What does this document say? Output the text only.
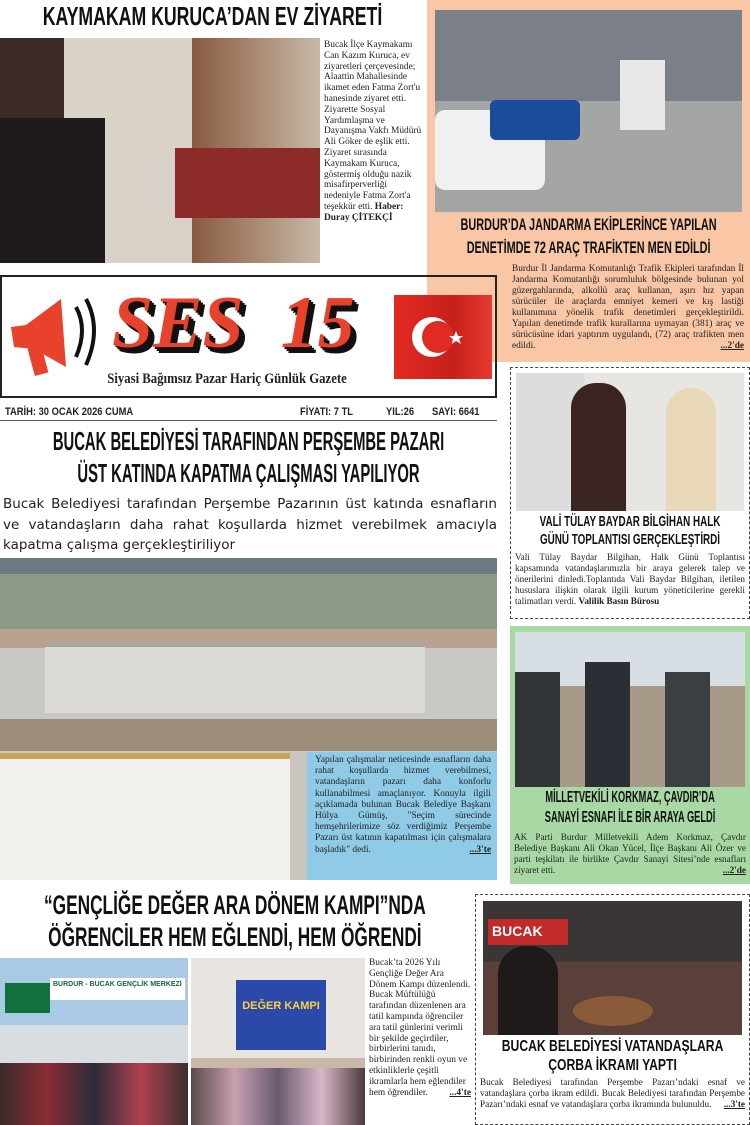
KAYMAKAM KURUCA’DAN EV ZİYARETİ
Bucak İlçe Kaymakamı Can Kazım Kuruca, ev ziyaretleri çerçevesinde; Alaattin Mahallesinde ikamet eden Fatma Zort'u hanesinde ziyaret etti. Ziyarette Sosyal Yardımlaşma ve Dayanışma Vakfı Müdürü Ali Göker de eşlik etti. Ziyaret sırasında Kaymakam Kuruca, göstermiş olduğu nazik misafirperverliği nedeniyle Fatma Zort'a teşekkür etti. Haber: Duray ÇİTEKÇİ	BURDUR’DA JANDARMA EKİPLERİNCE YAPILAN
DENETİMDE 72 ARAÇ TRAFİKTEN MEN EDİLDİ
Burdur İl Jandarma Komutanlığı Trafik Ekipleri tarafından İl Jandarma Komutanlığı sorumluluk bölgesinde bulunan yol güzergahlarında, alkollü araç kullanan, aşırı hız yapan sürücüler ile araçlarda emniyet kemeri ve kış lastiği kullanımına yönelik trafik denetimleri gerçekleştirildi. Yapılan denetimde trafik kurallarına uymayan (381) araç ve sürücüsüne idari yaptırım uygulandı, (72) araç trafikten men edildi.	...2'de
SES 15
Siyasi Bağımsız Pazar Hariç Günlük Gazete
TARİH: 30 OCAK 2026 CUMA	FİYATI: 7 TL	YIL:26 SAYI: 6641
BUCAK BELEDİYESİ TARAFINDAN PERŞEMBE PAZARI
ÜST KATINDA KAPATMA ÇALIŞMASI YAPILIYOR
Bucak Belediyesi tarafından Perşembe Pazarının üst katında esnafların ve vatandaşların daha rahat koşullarda hizmet verebilmek amacıyla kapatma çalışma gerçekleştiriliyor
Yapılan çalışmalar neticesinde esnafların daha rahat koşullarda hizmet verebilmesi, vatandaşların pazarı daha konforlu kullanabilmesi amaçlanıyor. Konuyla ilgili açıklamada bulunan Bucak Belediye Başkanı Hülya Gümüş, "Seçim sürecinde hemşehrilerimize söz verdiğimiz Perşembe Pazarı üst katının kapatılması için çalışmalara başladık" dedi.	...3'te
VALİ TÜLAY BAYDAR BİLGİHAN HALK
GÜNÜ TOPLANTISI GERÇEKLEŞTİRDİ
Vali Tülay Baydar Bilgihan, Halk Günü Toplantısı kapsamında vatandaşlarımızla bir araya gelerek talep ve önerilerini dinledi.Toplantıda Vali Baydar Bilgihan, iletilen hususlara ilişkin olarak ilgili kurum yöneticilerine gerekli talimatları verdi. Valilik Basın Bürosu
MİLLETVEKİLİ KORKMAZ, ÇAVDIR’DA
SANAYİ ESNAFI İLE BİR ARAYA GELDİ
AK Parti Burdur Milletvekili Adem Korkmaz, Çavdır Belediye Başkanı Ali Okan Yücel, İlçe Başkanı Ali Özer ve parti teşkilatı ile birlikte Çavdır Sanayi Sitesi’nde esnafları ziyaret etti.	...2'de
“GENÇLİĞE DEĞER ARA DÖNEM KAMPI”NDA
ÖĞRENCİLER HEM EĞLENDİ, HEM ÖĞRENDİ
BURDUR - BUCAK GENÇLİK MERKEZİ
DEĞER KAMPI
Bucak’ta 2026 Yılı Gençliğe Değer Ara Dönem Kampı düzenlendi. Bucak Müftülüğü tarafından düzenlenen ara tatil kampında öğrenciler ara tatil günlerini verimli bir şekilde geçirdiler, birbirlerini tanıdı, birbirinden renkli oyun ve etkinliklerle çeşitli ikramlarla hem eğlendiler hem öğrendiler. ...4'te
BUCAK
BUCAK BELEDİYESİ VATANDAŞLARA
ÇORBA İKRAMI YAPTI
Bucak Belediyesi tarafından Perşembe Pazarı’ndaki esnaf ve vatandaşlara çorba ikram edildi. Bucak Belediyesi tarafından Perşembe Pazarı’ndaki esnaf ve vatandaşlara çorba ikramında bulunuldu. ...3'te
